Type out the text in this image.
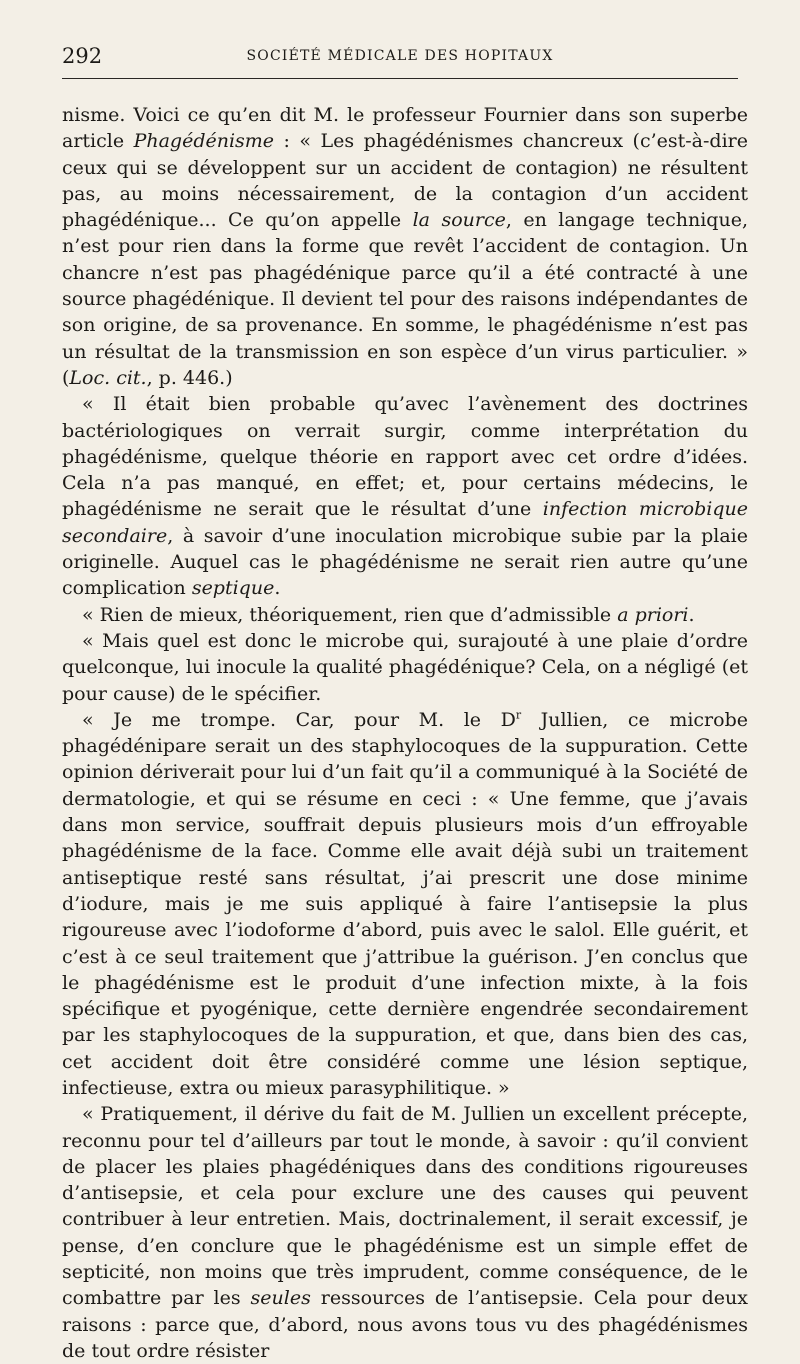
292	SOCIÉTÉ MÉDICALE DES HOPITAUX

nisme. Voici ce qu’en dit M. le professeur Fournier dans son superbe article Phagédénisme : « Les phagédénismes chancreux (c’est-à-dire ceux qui se développent sur un accident de contagion) ne résultent pas, au moins nécessairement, de la contagion d’un accident phagédénique... Ce qu’on appelle la source, en langage technique, n’est pour rien dans la forme que revêt l’accident de contagion. Un chancre n’est pas phagédénique parce qu’il a été contracté à une source phagédénique. Il devient tel pour des raisons indépendantes de son origine, de sa provenance. En somme, le phagédénisme n’est pas un résultat de la transmission en son espèce d’un virus particulier. » (Loc. cit., p. 446.)

« Il était bien probable qu’avec l’avènement des doctrines bactériologiques on verrait surgir, comme interprétation du phagédénisme, quelque théorie en rapport avec cet ordre d’idées. Cela n’a pas manqué, en effet; et, pour certains médecins, le phagédénisme ne serait que le résultat d’une infection microbique secondaire, à savoir d’une inoculation microbique subie par la plaie originelle. Auquel cas le phagédénisme ne serait rien autre qu’une complication septique.

« Rien de mieux, théoriquement, rien que d’admissible a priori.

« Mais quel est donc le microbe qui, surajouté à une plaie d’ordre quelconque, lui inocule la qualité phagédénique? Cela, on a négligé (et pour cause) de le spécifier.

« Je me trompe. Car, pour M. le $D^r$ Jullien, ce microbe phagédénipare serait un des staphylocoques de la suppuration. Cette opinion dériverait pour lui d’un fait qu’il a communiqué à la Société de dermatologie, et qui se résume en ceci : « Une femme, que j’avais dans mon service, souffrait depuis plusieurs mois d’un effroyable phagédénisme de la face. Comme elle avait déjà subi un traitement antiseptique resté sans résultat, j’ai prescrit une dose minime d’iodure, mais je me suis appliqué à faire l’antisepsie la plus rigoureuse avec l’iodoforme d’abord, puis avec le salol. Elle guérit, et c’est à ce seul traitement que j’attribue la guérison. J’en conclus que le phagédénisme est le produit d’une infection mixte, à la fois spécifique et pyogénique, cette dernière engendrée secondairement par les staphylocoques de la suppuration, et que, dans bien des cas, cet accident doit être considéré comme une lésion septique, infectieuse, extra ou mieux parasyphilitique. »

« Pratiquement, il dérive du fait de M. Jullien un excellent précepte, reconnu pour tel d’ailleurs par tout le monde, à savoir : qu’il convient de placer les plaies phagédéniques dans des conditions rigoureuses d’antisepsie, et cela pour exclure une des causes qui peuvent contribuer à leur entretien. Mais, doctrinalement, il serait excessif, je pense, d’en conclure que le phagédénisme est un simple effet de septicité, non moins que très imprudent, comme conséquence, de le combattre par les seules ressources de l’antisepsie. Cela pour deux raisons : parce que, d’abord, nous avons tous vu des phagédénismes de tout ordre résister
